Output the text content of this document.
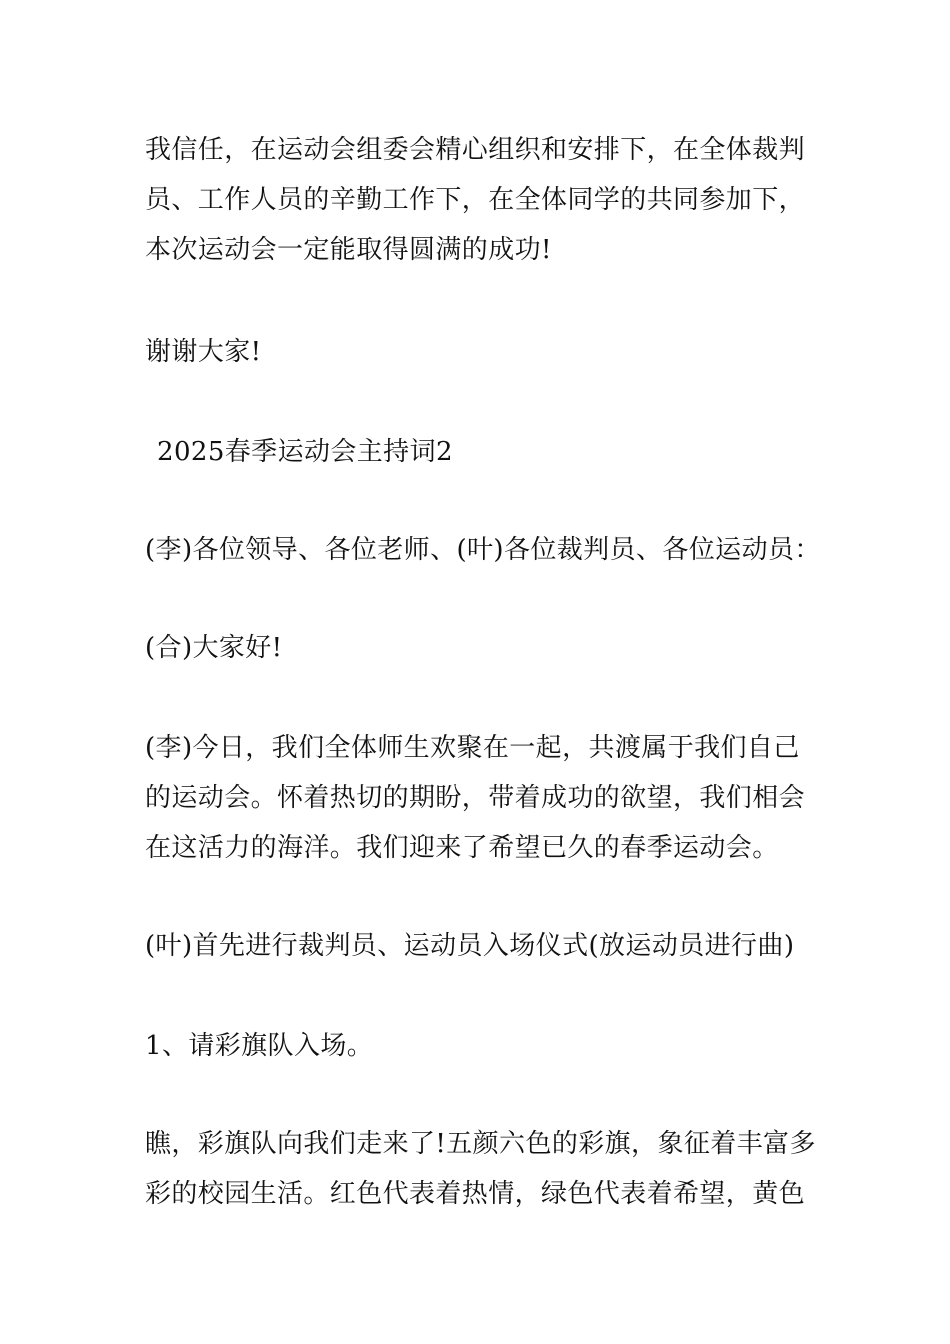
我信任，在运动会组委会精心组织和安排下，在全体裁判
员、工作人员的辛勤工作下，在全体同学的共同参加下，
本次运动会一定能取得圆满的成功!
谢谢大家!
2025春季运动会主持词2
(李)各位领导、各位老师、(叶)各位裁判员、各位运动员：
(合)大家好!
(李)今日，我们全体师生欢聚在一起，共渡属于我们自己
的运动会。怀着热切的期盼，带着成功的欲望，我们相会
在这活力的海洋。我们迎来了希望已久的春季运动会。
(叶)首先进行裁判员、运动员入场仪式(放运动员进行曲)
1、请彩旗队入场。
瞧，彩旗队向我们走来了!五颜六色的彩旗，象征着丰富多
彩的校园生活。红色代表着热情，绿色代表着希望，黄色
